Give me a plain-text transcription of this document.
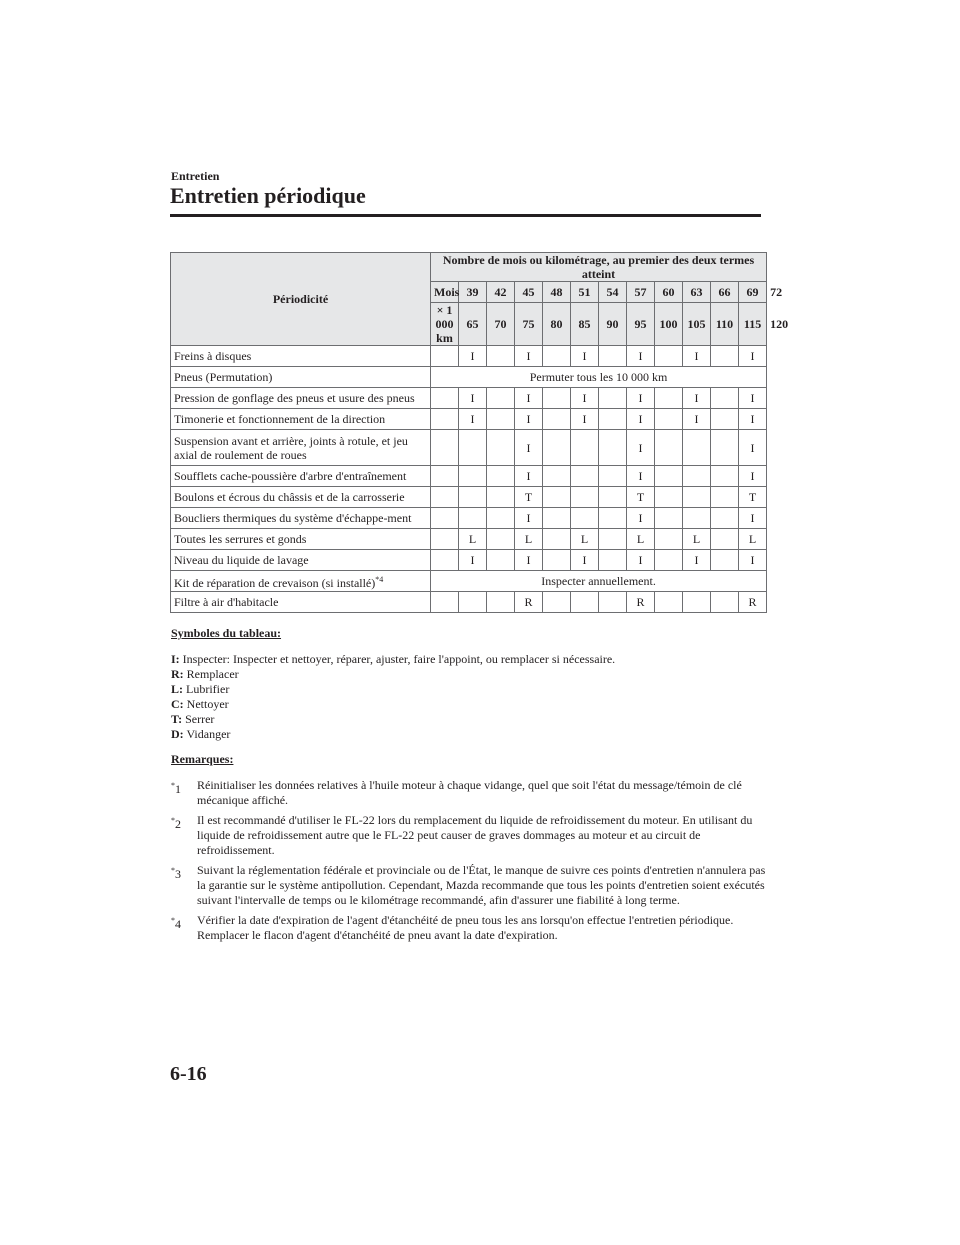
Entretien
Entretien périodique
Périodicité	Nombre de mois ou kilométrage, au premier des deux termes atteint												
	Mois	39	42	45	48	51	54	57	60	63	66	69	72
	× 1 000 km	65	70	75	80	85	90	95	100	105	110	115	120
Freins à disques		I		I		I		I		I		I	
Pneus (Permutation)	Permuter tous les 10 000 km												
Pression de gonflage des pneus et usure des pneus		I		I		I		I		I		I	
Timonerie et fonctionnement de la direction		I		I		I		I		I		I	
Suspension avant et arrière, joints à rotule, et jeu axial de roulement de roues				I				I				I	
Soufflets cache-poussière d'arbre d'entraînement				I				I				I	
Boulons et écrous du châssis et de la carrosserie				T				T				T	
Boucliers thermiques du système d'échappe-ment				I				I				I	
Toutes les serrures et gonds		L		L		L		L		L		L	
Niveau du liquide de lavage		I		I		I		I		I		I	
Kit de réparation de crevaison (si installé)$^{*4}$	Inspecter annuellement.												
Filtre à air d'habitacle				R				R				R	

Symboles du tableau:

I: Inspecter: Inspecter et nettoyer, réparer, ajuster, faire l'appoint, ou remplacer si nécessaire.

R: Remplacer

L: Lubrifier

C: Nettoyer

T: Serrer

D: Vidanger

Remarques:

*1 Réinitialiser les données relatives à l'huile moteur à chaque vidange, quel que soit l'état du message/témoin de clé mécanique affiché.
*2 Il est recommandé d'utiliser le FL-22 lors du remplacement du liquide de refroidissement du moteur. En utilisant du liquide de refroidissement autre que le FL-22 peut causer de graves dommages au moteur et au circuit de refroidissement.
*3 Suivant la réglementation fédérale et provinciale ou de l'État, le manque de suivre ces points d'entretien n'annulera pas la garantie sur le système antipollution. Cependant, Mazda recommande que tous les points d'entretien soient exécutés suivant l'intervalle de temps ou le kilométrage recommandé, afin d'assurer une fiabilité à long terme.
*4 Vérifier la date d'expiration de l'agent d'étanchéité de pneu tous les ans lorsqu'on effectue l'entretien périodique. Remplacer le flacon d'agent d'étanchéité de pneu avant la date d'expiration.
6-16
